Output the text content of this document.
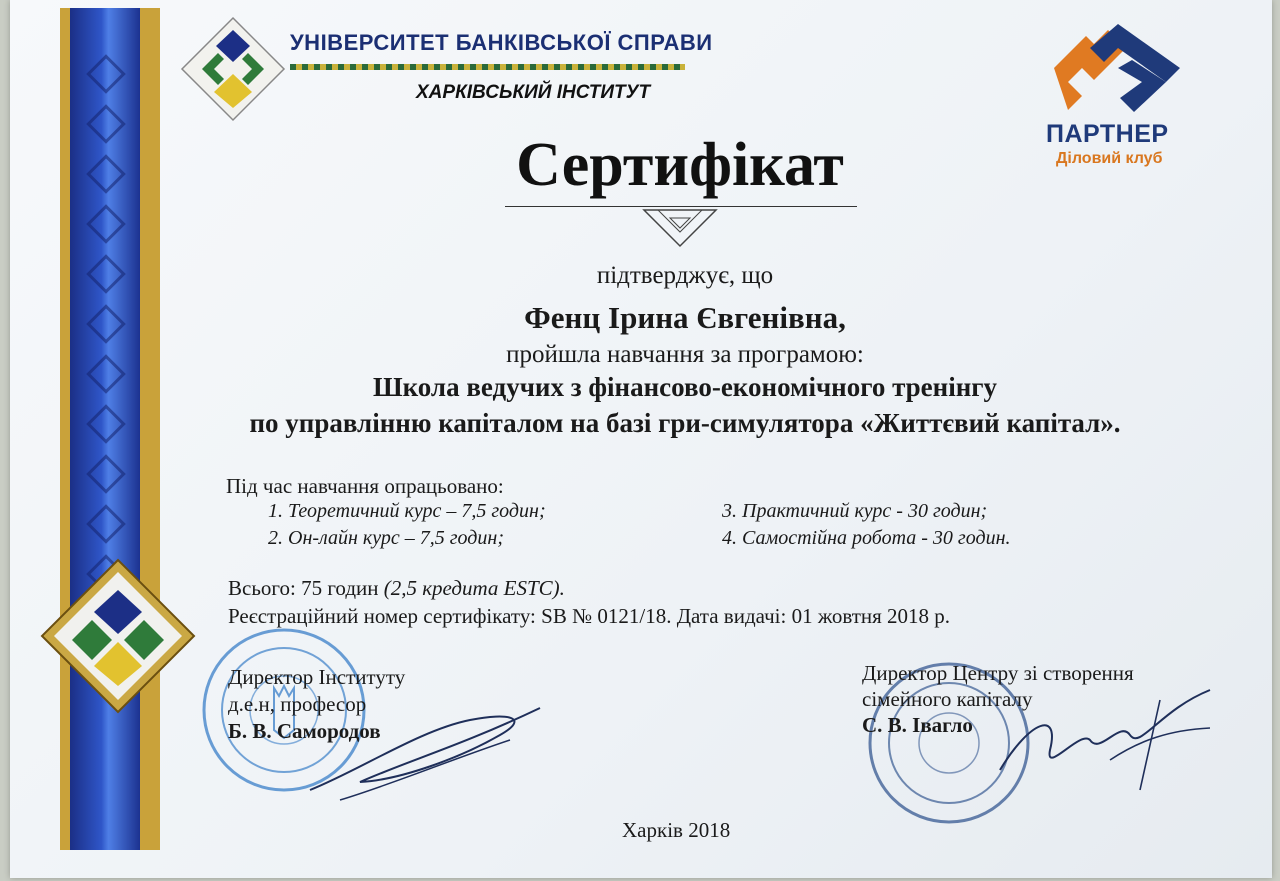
УНІВЕРСИТЕТ БАНКІВСЬКОЇ СПРАВИ
ХАРКІВСЬКИЙ ІНСТИТУТ
ПАРТНЕР
Діловий клуб
Сертифікат
підтверджує, що
Фенц Ірина Євгенівна,
пройшла навчання за програмою:
Школа ведучих з фінансово-економічного тренінгу
по управлінню капіталом на базі гри-симулятора «Життєвий капітал».
Під час навчання опрацьовано:
1. Теоретичний курс – 7,5 годин;
2. Он-лайн курс – 7,5 годин;
3. Практичний курс - 30 годин;
4. Самостійна робота - 30 годин.
Всього: 75 годин (2,5 кредита ESTC).
Реєстраційний номер сертифікату: SB № 0121/18. Дата видачі: 01 жовтня 2018 р.
Директор Інституту
д.е.н, професор
Б. В. Самородов
Директор Центру зі створення
сімейного капіталу
С. В. Івагло
Харків 2018
